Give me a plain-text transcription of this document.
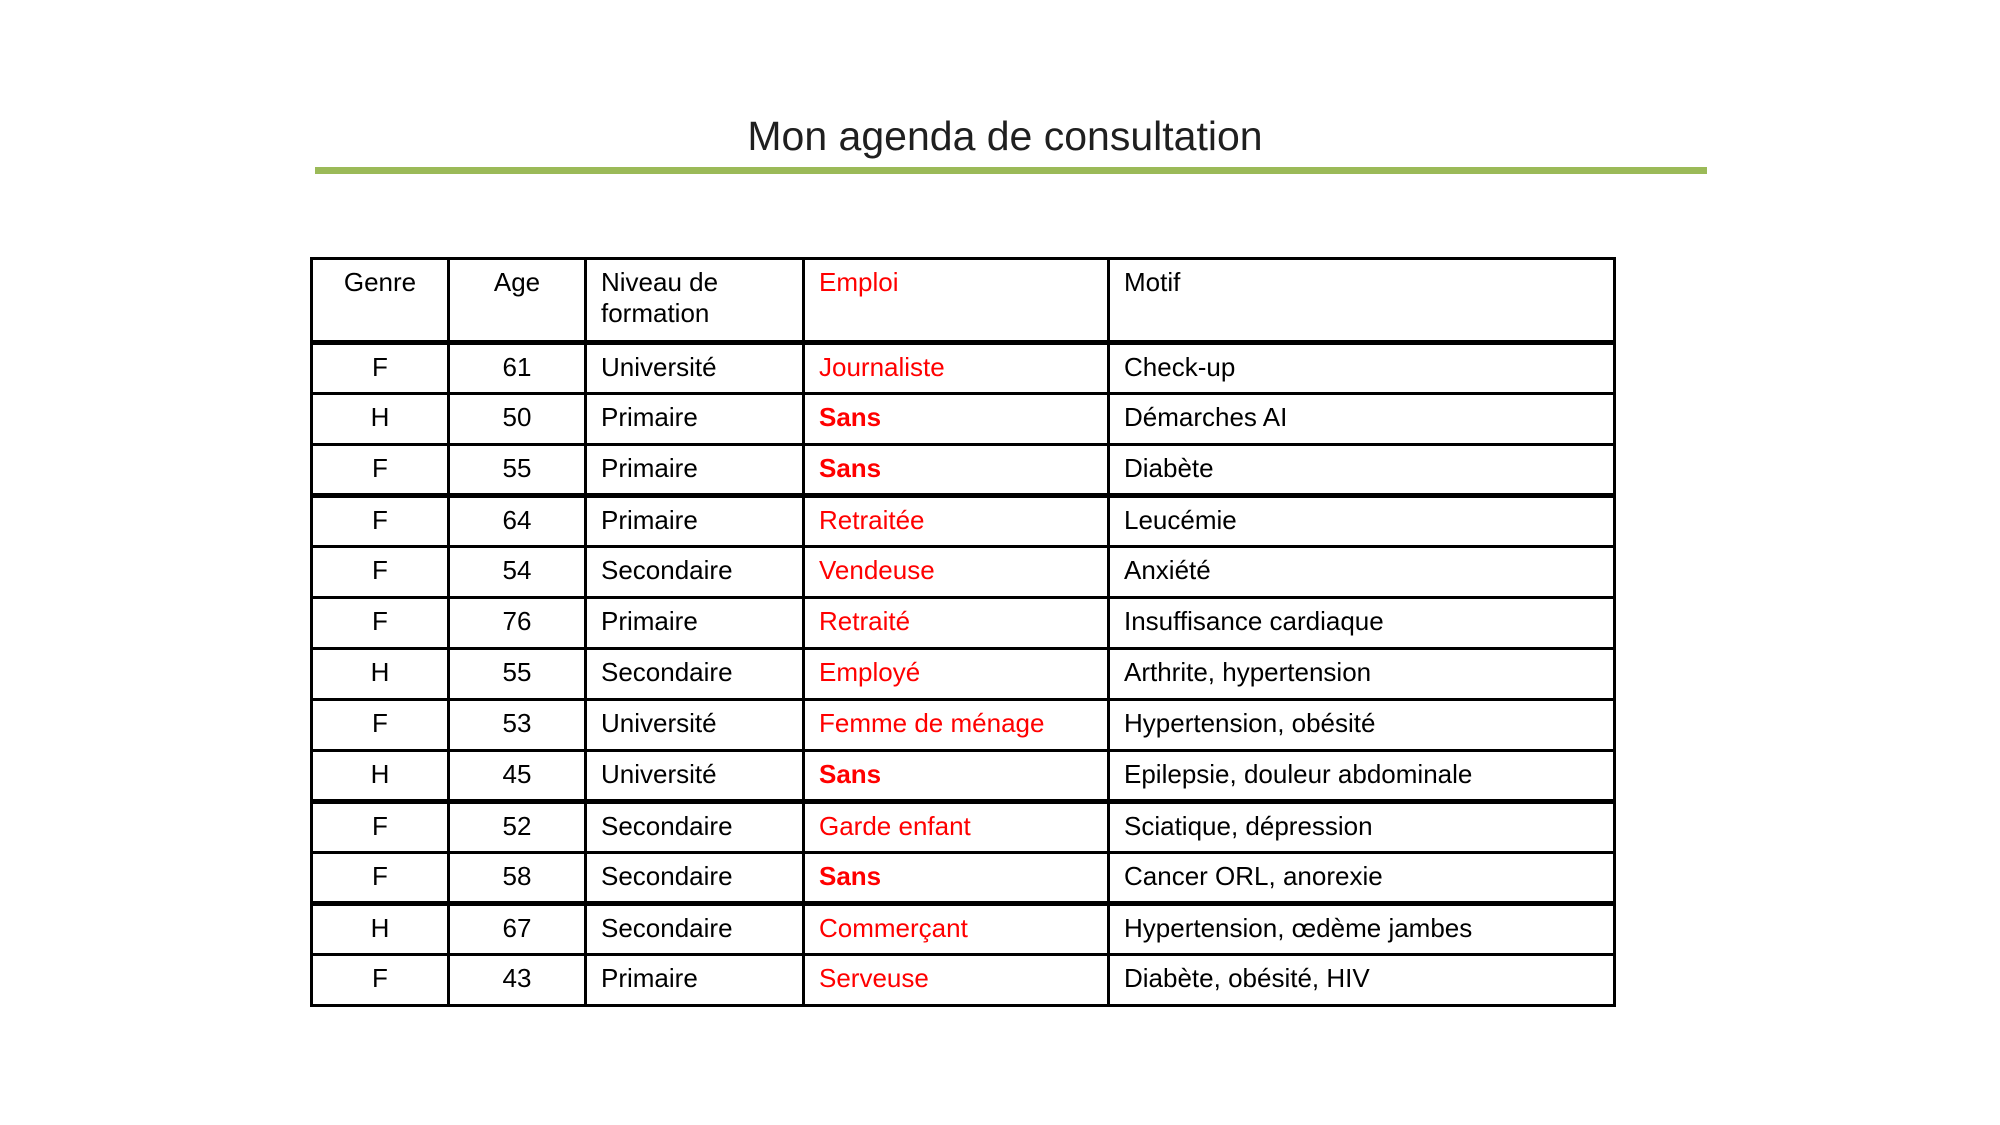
Mon agenda de consultation
Genre	Age	Niveau de formation	Emploi	Motif
F	61	Université	Journaliste	Check-up
H	50	Primaire	Sans	Démarches AI
F	55	Primaire	Sans	Diabète
F	64	Primaire	Retraitée	Leucémie
F	54	Secondaire	Vendeuse	Anxiété
F	76	Primaire	Retraité	Insuffisance cardiaque
H	55	Secondaire	Employé	Arthrite, hypertension
F	53	Université	Femme de ménage	Hypertension, obésité
H	45	Université	Sans	Epilepsie, douleur abdominale
F	52	Secondaire	Garde enfant	Sciatique, dépression
F	58	Secondaire	Sans	Cancer ORL, anorexie
H	67	Secondaire	Commerçant	Hypertension, œdème jambes
F	43	Primaire	Serveuse	Diabète, obésité, HIV
